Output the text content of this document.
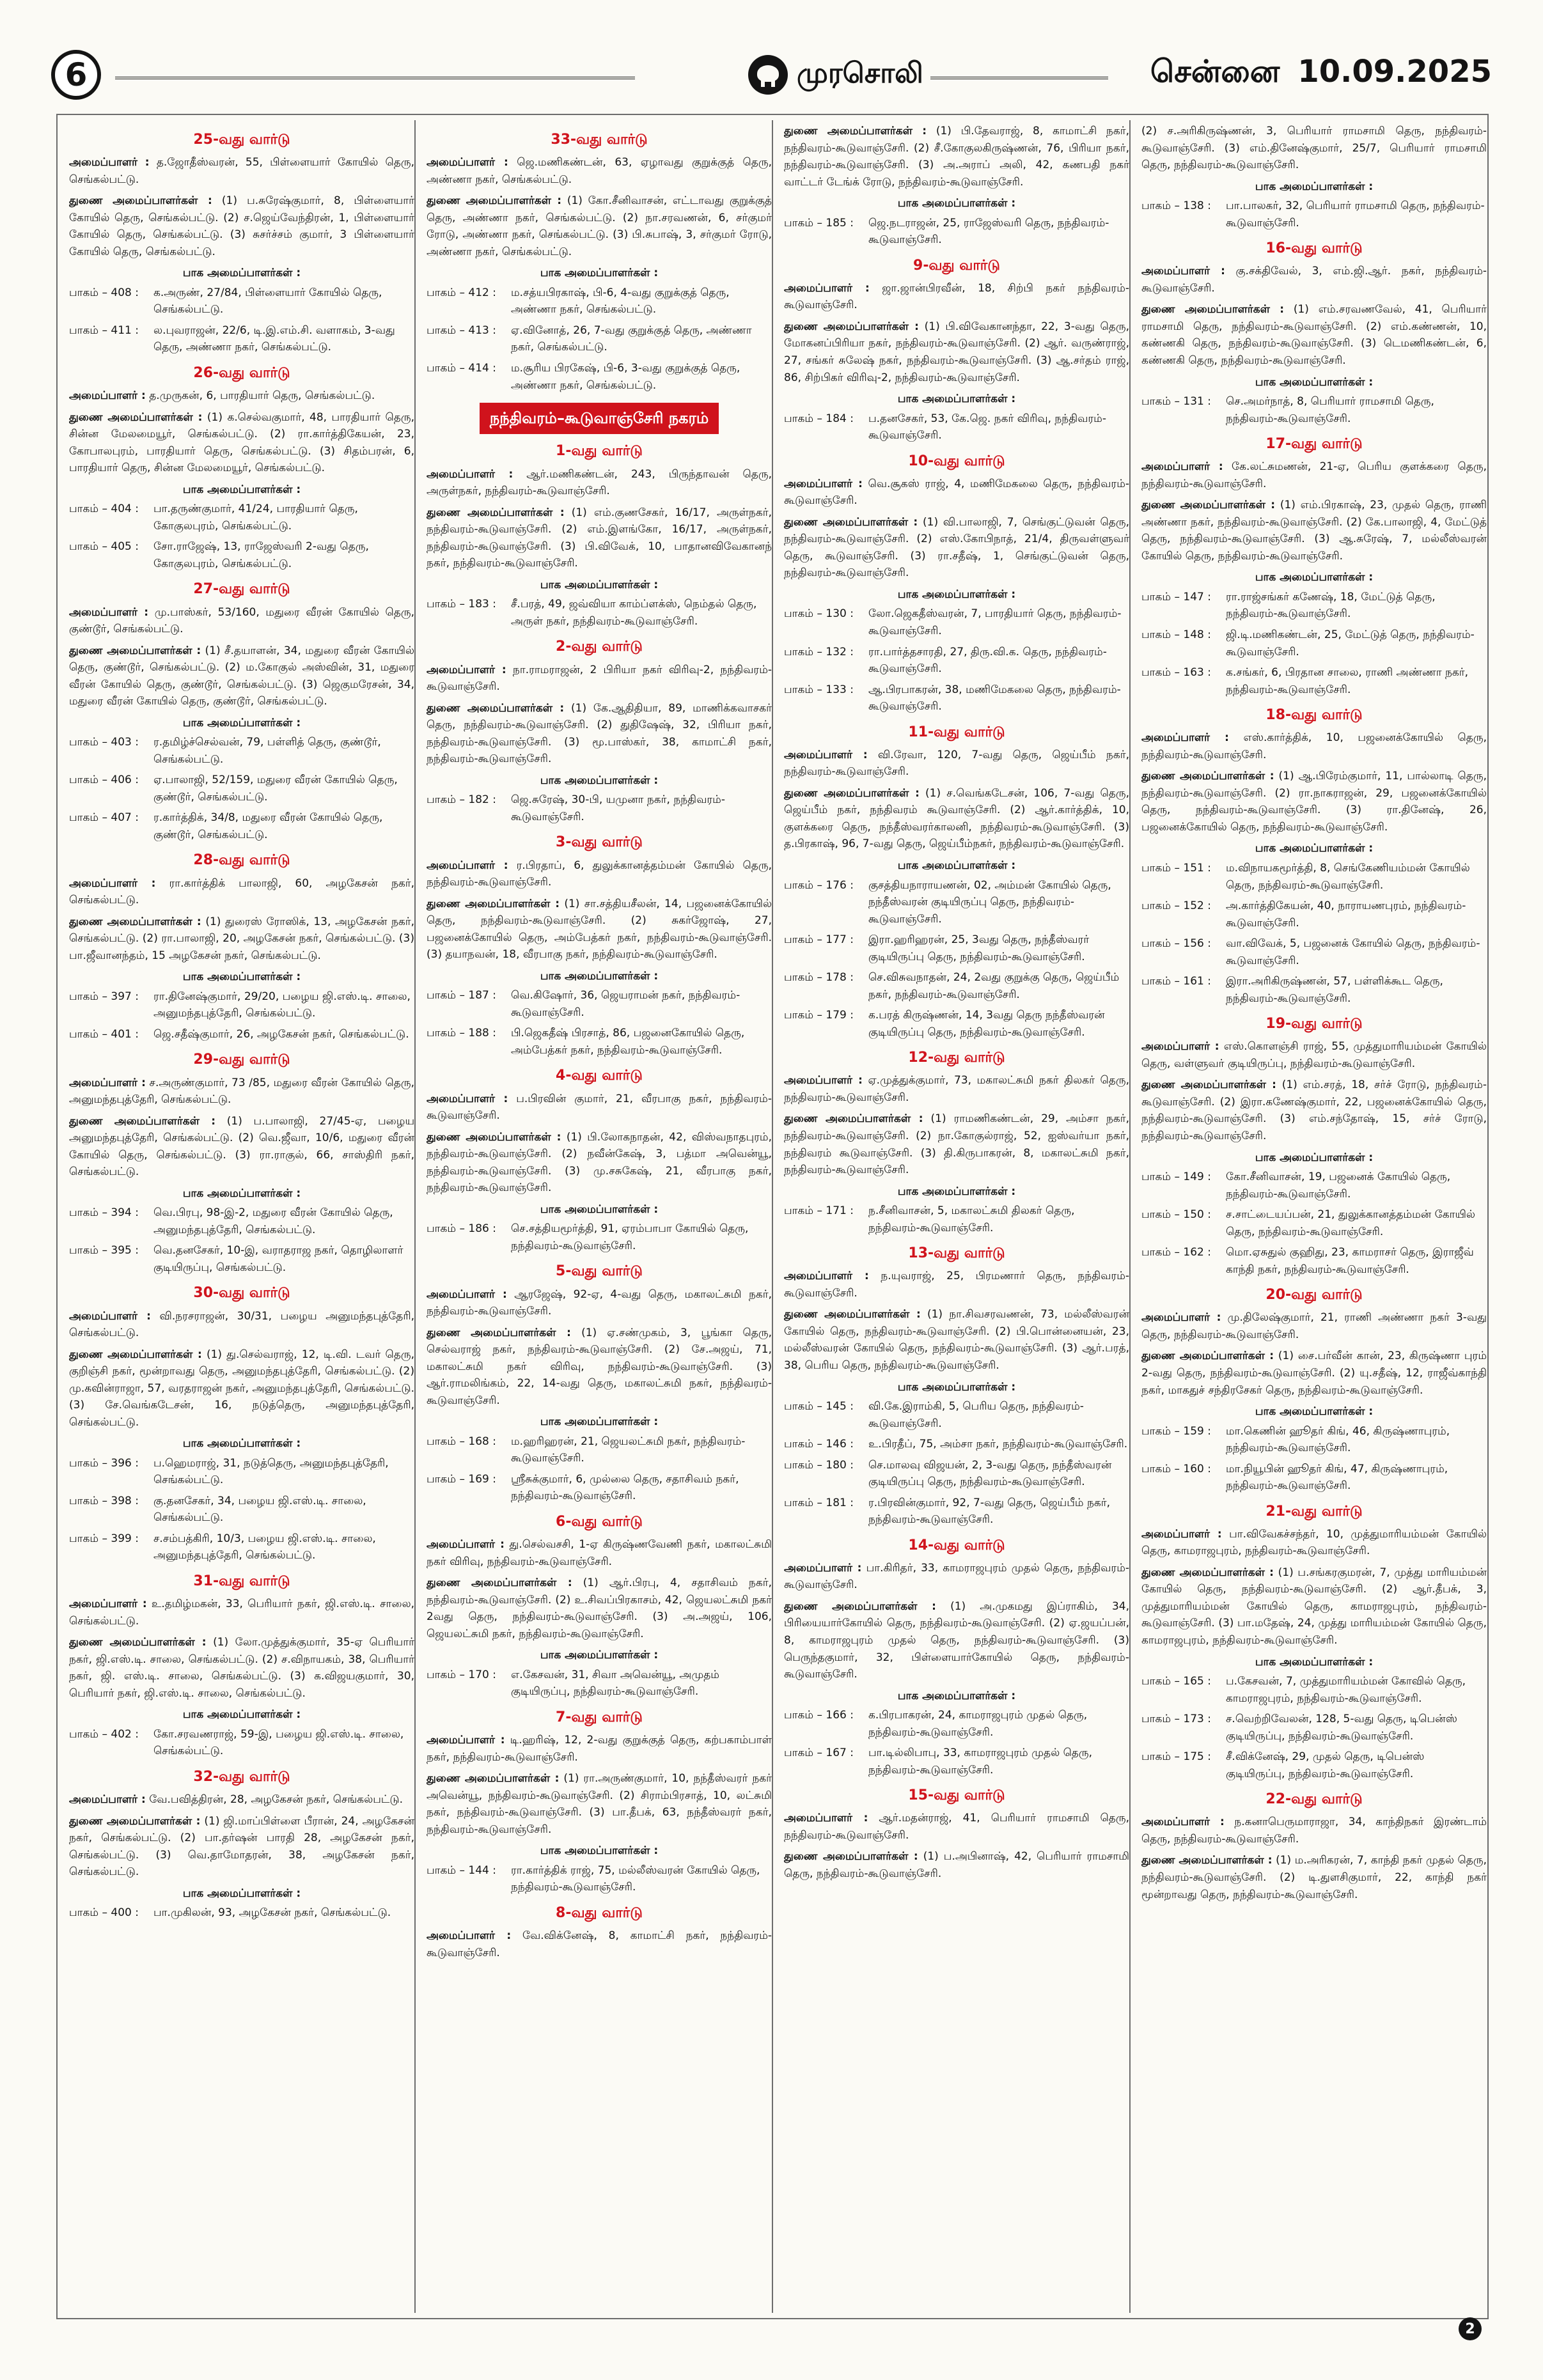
6	முரசொலி	சென்னை 10.09.2025
25-வது வார்டு

அமைப்பாளர் : த.ஜோதீஸ்வரன், 55, பிள்ளையார் கோயில் தெரு, செங்கல்பட்டு.

துணை அமைப்பாளர்கள் : (1) ப.சுரேஷ்குமார், 8, பிள்ளையார் கோயில் தெரு, செங்கல்பட்டு. (2) ச.ஜெய்வேந்திரன், 1, பிள்ளையார் கோயில் தெரு, செங்கல்பட்டு. (3) சுசர்ச்சம் குமார், 3 பிள்ளையார் கோயில் தெரு, செங்கல்பட்டு.

பாக அமைப்பாளர்கள் :
பாகம் – 408 :	க.அருண், 27/84, பிள்ளையார் கோயில் தெரு, செங்கல்பட்டு.
பாகம் – 411 :	ல.புவராஜன், 22/6, டி.இ.எம்.சி. வளாகம், 3-வது தெரு, அண்ணா நகர், செங்கல்பட்டு.
26-வது வார்டு

அமைப்பாளர் : த.முருகன், 6, பாரதியார் தெரு, செங்கல்பட்டு.

துணை அமைப்பாளர்கள் : (1) க.செல்வகுமார், 48, பாரதியார் தெரு, சின்ன மேலமையூர், செங்கல்பட்டு. (2) ரா.கார்த்திகேயன், 23, கோபாலபுரம், பாரதியார் தெரு, செங்கல்பட்டு. (3) சிதம்பரன், 6, பாரதியார் தெரு, சின்ன மேலமையூர், செங்கல்பட்டு.

பாக அமைப்பாளர்கள் :
பாகம் – 404 :	பா.தருண்குமார், 41/24, பாரதியார் தெரு, கோகுலபுரம், செங்கல்பட்டு.
பாகம் – 405 :	சோ.ராஜேஷ், 13, ராஜேஸ்வரி 2-வது தெரு, கோகுலபுரம், செங்கல்பட்டு.
27-வது வார்டு

அமைப்பாளர் : மு.பாஸ்கர், 53/160, மதுரை வீரன் கோயில் தெரு, குண்டூர், செங்கல்பட்டு.

துணை அமைப்பாளர்கள் : (1) சீ.தயாளன், 34, மதுரை வீரன் கோயில் தெரு, குண்டூர், செங்கல்பட்டு. (2) ம.கோகுல் அஸ்வின், 31, மதுரை வீரன் கோயில் தெரு, குண்டூர், செங்கல்பட்டு. (3) ஜெகுமரேசன், 34, மதுரை வீரன் கோயில் தெரு, குண்டூர், செங்கல்பட்டு.

பாக அமைப்பாளர்கள் :
பாகம் – 403 :	ர.தமிழ்ச்செல்வன், 79, பள்ளித் தெரு, குண்டூர், செங்கல்பட்டு.
பாகம் – 406 :	ஏ.பாலாஜி, 52/159, மதுரை வீரன் கோயில் தெரு, குண்டூர், செங்கல்பட்டு.
பாகம் – 407 :	ர.கார்த்திக், 34/8, மதுரை வீரன் கோயில் தெரு, குண்டூர், செங்கல்பட்டு.
28-வது வார்டு

அமைப்பாளர் : ரா.கார்த்திக் பாலாஜி, 60, அழகேசன் நகர், செங்கல்பட்டு.

துணை அமைப்பாளர்கள் : (1) துரைஸ் ரோஸிக், 13, அழகேசன் நகர், செங்கல்பட்டு. (2) ரா.பாலாஜி, 20, அழகேசன் நகர், செங்கல்பட்டு. (3) பா.ஜீவானந்தம், 15 அழகேசன் நகர், செங்கல்பட்டு.

பாக அமைப்பாளர்கள் :
பாகம் – 397 :	ரா.தினேஷ்குமார், 29/20, பழைய ஜி.எஸ்.டி. சாலை, அனுமந்தபுத்தேரி, செங்கல்பட்டு.
பாகம் – 401 :	ஜெ.சதீஷ்குமார், 26, அழகேசன் நகர், செங்கல்பட்டு.
29-வது வார்டு

அமைப்பாளர் : ச.அருண்குமார், 73 /85, மதுரை வீரன் கோயில் தெரு, அனுமந்தபுத்தேரி, செங்கல்பட்டு.

துணை அமைப்பாளர்கள் : (1) ப.பாலாஜி, 27/45-ஏ, பழைய அனுமந்தபுத்தேரி, செங்கல்பட்டு. (2) வெ.ஜீவா, 10/6, மதுரை வீரன் கோயில் தெரு, செங்கல்பட்டு. (3) ரா.ராகுல், 66, சாஸ்திரி நகர், செங்கல்பட்டு.

பாக அமைப்பாளர்கள் :
பாகம் – 394 :	வெ.பிரபு, 98-இ-2, மதுரை வீரன் கோயில் தெரு, அனுமந்தபுத்தேரி, செங்கல்பட்டு.
பாகம் – 395 :	வெ.தனசேகர், 10-இ, வராதராஜ நகர், தொழிலாளர் குடியிருப்பு, செங்கல்பட்டு.
30-வது வார்டு

அமைப்பாளர் : வி.நரசராஜன், 30/31, பழைய அனுமந்தபுத்தேரி, செங்கல்பட்டு.

துணை அமைப்பாளர்கள் : (1) து.செல்வராஜ், 12, டி.வி. டவர் தெரு, குறிஞ்சி நகர், மூன்றாவது தெரு, அனுமந்தபுத்தேரி, செங்கல்பட்டு. (2) மு.கவின்ராஜா, 57, வரதராஜன் நகர், அனுமந்தபுத்தேரி, செங்கல்பட்டு. (3) சே.வெங்கடேசன், 16, நடுத்தெரு, அனுமந்தபுத்தேரி, செங்கல்பட்டு.

பாக அமைப்பாளர்கள் :
பாகம் – 396 :	ப.ஹெமராஜ், 31, நடுத்தெரு, அனுமந்தபுத்தேரி, செங்கல்பட்டு.
பாகம் – 398 :	கு.தனசேகர், 34, பழைய ஜி.எஸ்.டி. சாலை, செங்கல்பட்டு.
பாகம் – 399 :	ச.சம்பத்கிரி, 10/3, பழைய ஜி.எஸ்.டி. சாலை, அனுமந்தபுத்தேரி, செங்கல்பட்டு.
31-வது வார்டு

அமைப்பாளர் : உ.தமிழ்மகன், 33, பெரியார் நகர், ஜி.எஸ்.டி. சாலை, செங்கல்பட்டு.

துணை அமைப்பாளர்கள் : (1) லோ.முத்துக்குமார், 35-ஏ பெரியார் நகர், ஜி.எஸ்.டி. சாலை, செங்கல்பட்டு. (2) ச.விநாயகம், 38, பெரியார் நகர், ஜி. எஸ்.டி. சாலை, செங்கல்பட்டு. (3) க.விஜயகுமார், 30, பெரியார் நகர், ஜி.எஸ்.டி. சாலை, செங்கல்பட்டு.

பாக அமைப்பாளர்கள் :
பாகம் – 402 :	கோ.சரவணராஜ், 59-இ, பழைய ஜி.எஸ்.டி. சாலை, செங்கல்பட்டு.
32-வது வார்டு

அமைப்பாளர் : வே.பவித்திரன், 28, அழகேசன் நகர், செங்கல்பட்டு.

துணை அமைப்பாளர்கள் : (1) ஜி.மாப்பிள்ளை பீரான், 24, அழகேசன் நகர், செங்கல்பட்டு. (2) பா.தர்ஷன் பாரதி 28, அழகேசன் நகர், செங்கல்பட்டு. (3) வெ.தாமோதரன், 38, அழகேசன் நகர், செங்கல்பட்டு.

பாக அமைப்பாளர்கள் :
பாகம் – 400 :	பா.முகிலன், 93, அழகேசன் நகர், செங்கல்பட்டு.
33-வது வார்டு

அமைப்பாளர் : ஜெ.மணிகண்டன், 63, ஏழாவது குறுக்குத் தெரு, அண்ணா நகர், செங்கல்பட்டு.

துணை அமைப்பாளர்கள் : (1) கோ.சீனிவாசன், எட்டாவது குறுக்குத் தெரு, அண்ணா நகர், செங்கல்பட்டு. (2) நா.சரவணன், 6, சர்குமர் ரோடு, அண்ணா நகர், செங்கல்பட்டு. (3) பி.சுபாஷ், 3, சர்குமர் ரோடு, அண்ணா நகர், செங்கல்பட்டு.

பாக அமைப்பாளர்கள் :
பாகம் – 412 :	ம.சத்யபிரகாஷ், பி-6, 4-வது குறுக்குத் தெரு, அண்ணா நகர், செங்கல்பட்டு.
பாகம் – 413 :	ஏ.வினோத், 26, 7-வது குறுக்குத் தெரு, அண்ணா நகர், செங்கல்பட்டு.
பாகம் – 414 :	ம.சூரிய பிரகேஷ், பி-6, 3-வது குறுக்குத் தெரு, அண்ணா நகர், செங்கல்பட்டு.
நந்திவரம்–கூடுவாஞ்சேரி நகரம்
1-வது வார்டு

அமைப்பாளர் : ஆர்.மணிகண்டன், 243, பிருந்தாவன் தெரு, அருள்நகர், நந்திவரம்-கூடுவாஞ்சேரி.

துணை அமைப்பாளர்கள் : (1) எம்.குணசேகர், 16/17, அருள்நகர், நந்திவரம்-கூடுவாஞ்சேரி. (2) எம்.இளங்கோ, 16/17, அருள்நகர், நந்திவரம்-கூடுவாஞ்சேரி. (3) பி.விவேக், 10, பாதானவிவேகானந் நகர், நந்திவரம்-கூடுவாஞ்சேரி.

பாக அமைப்பாளர்கள் :
பாகம் – 183 :	சீ.பரத், 49, ஜவ்வியா காம்ப்ளக்ஸ், நெம்தல் தெரு, அருள் நகர், நந்திவரம்-கூடுவாஞ்சேரி.
2-வது வார்டு

அமைப்பாளர் : நா.ராமராஜன், 2 பிரியா நகர் விரிவு-2, நந்திவரம்-கூடுவாஞ்சேரி.

துணை அமைப்பாளர்கள் : (1) கே.ஆதிதியா, 89, மாணிக்கவாசகர் தெரு, நந்திவரம்-கூடுவாஞ்சேரி. (2) துதிஷேஷ், 32, பிரியா நகர், நந்திவரம்-கூடுவாஞ்சேரி. (3) மூ.பாஸ்கர், 38, காமாட்சி நகர், நந்திவரம்-கூடுவாஞ்சேரி.

பாக அமைப்பாளர்கள் :
பாகம் – 182 :	ஜெ.சுரேஷ், 30-பி, யமுனா நகர், நந்திவரம்-கூடுவாஞ்சேரி.
3-வது வார்டு

அமைப்பாளர் : ர.பிரதாப், 6, துலுக்கானத்தம்மன் கோயில் தெரு, நந்திவரம்-கூடுவாஞ்சேரி.

துணை அமைப்பாளர்கள் : (1) சா.சத்தியசீலன், 14, பஜனைக்கோயில் தெரு, நந்திவரம்-கூடுவாஞ்சேரி. (2) சுகர்ஜோஷ், 27, பஜனைக்கோயில் தெரு, அம்பேத்கர் நகர், நந்திவரம்-கூடுவாஞ்சேரி. (3) தயாநவன், 18, வீரபாகு நகர், நந்திவரம்-கூடுவாஞ்சேரி.

பாக அமைப்பாளர்கள் :
பாகம் – 187 :	வெ.கிஷோர், 36, ஜெயராமன் நகர், நந்திவரம்-கூடுவாஞ்சேரி.
பாகம் – 188 :	பி.ஜெகதீஷ் பிரசாத், 86, பஜனைகோயில் தெரு, அம்பேத்கர் நகர், நந்திவரம்-கூடுவாஞ்சேரி.
4-வது வார்டு

அமைப்பாளர் : ப.பிரவின் குமார், 21, வீரபாகு நகர், நந்திவரம்-கூடுவாஞ்சேரி.

துணை அமைப்பாளர்கள் : (1) பி.லோகநாதன், 42, விஸ்வநாதபுரம், நந்திவரம்-கூடுவாஞ்சேரி. (2) நவீன்கேஷ், 3, பத்மா அவென்யூ, நந்திவரம்-கூடுவாஞ்சேரி. (3) மு.சசுகேஷ், 21, வீரபாகு நகர், நந்திவரம்-கூடுவாஞ்சேரி.

பாக அமைப்பாளர்கள் :
பாகம் – 186 :	செ.சத்தியமூர்த்தி, 91, ஏரம்பாபா கோயில் தெரு, நந்திவரம்-கூடுவாஞ்சேரி.
5-வது வார்டு

அமைப்பாளர் : ஆரஜேஷ், 92-ஏ, 4-வது தெரு, மகாலட்சுமி நகர், நந்திவரம்-கூடுவாஞ்சேரி.

துணை அமைப்பாளர்கள் : (1) ஏ.சண்முகம், 3, பூங்கா தெரு, செல்வராஜ் நகர், நந்திவரம்-கூடுவாஞ்சேரி. (2) சே.அஜய், 71, மகாலட்சுமி நகர் விரிவு, நந்திவரம்-கூடுவாஞ்சேரி. (3) ஆர்.ராமலிங்கம், 22, 14-வது தெரு, மகாலட்சுமி நகர், நந்திவரம்-கூடுவாஞ்சேரி.

பாக அமைப்பாளர்கள் :
பாகம் – 168 :	ம.ஹரிஹரன், 21, ஜெயலட்சுமி நகர், நந்திவரம்-கூடுவாஞ்சேரி.
பாகம் – 169 :	ஸ்ரீசுக்குமார், 6, முல்லை தெரு, சதாசிவம் நகர், நந்திவரம்-கூடுவாஞ்சேரி.
6-வது வார்டு

அமைப்பாளர் : து.செல்வசசி, 1-ஏ கிருஷ்ணவேணி நகர், மகாலட்சுமி நகர் விரிவு, நந்திவரம்-கூடுவாஞ்சேரி.

துணை அமைப்பாளர்கள் : (1) ஆர்.பிரபு, 4, சதாசிவம் நகர், நந்திவரம்-கூடுவாஞ்சேரி. (2) உ.சிவப்பிரகாசம், 42, ஜெயலட்சுமி நகர் 2வது தெரு, நந்திவரம்-கூடுவாஞ்சேரி. (3) அ.அஜய், 106, ஜெயலட்சுமி நகர், நந்திவரம்-கூடுவாஞ்சேரி.

பாக அமைப்பாளர்கள் :
பாகம் – 170 :	எ.கேசவன், 31, சிவா அவென்யூ, அமுதம் குடியிருப்பு, நந்திவரம்-கூடுவாஞ்சேரி.
7-வது வார்டு

அமைப்பாளர் : டி.ஹரிஷ், 12, 2-வது குறுக்குத் தெரு, கற்பகாம்பாள் நகர், நந்திவரம்-கூடுவாஞ்சேரி.

துணை அமைப்பாளர்கள் : (1) ரா.அருண்குமார், 10, நந்தீஸ்வரர் நகர் அவென்யூ, நந்திவரம்-கூடுவாஞ்சேரி. (2) சிராம்பிரசாத், 10, லட்சுமி நகர், நந்திவரம்-கூடுவாஞ்சேரி. (3) பா.தீபக், 63, நந்தீஸ்வரர் நகர், நந்திவரம்-கூடுவாஞ்சேரி.

பாக அமைப்பாளர்கள் :
பாகம் – 144 :	ரா.கார்த்திக் ராஜ், 75, மல்லீஸ்வரன் கோயில் தெரு, நந்திவரம்-கூடுவாஞ்சேரி.
8-வது வார்டு

அமைப்பாளர் : வே.விக்னேஷ், 8, காமாட்சி நகர், நந்திவரம்-கூடுவாஞ்சேரி.

துணை அமைப்பாளர்கள் : (1) பி.தேவராஜ், 8, காமாட்சி நகர், நந்திவரம்-கூடுவாஞ்சேரி. (2) சீ.கோகுலகிருஷ்ணன், 76, பிரியா நகர், நந்திவரம்-கூடுவாஞ்சேரி. (3) அ.அராப் அலி, 42, கணபதி நகர் வாட்டர் டேங்க் ரோடு, நந்திவரம்-கூடுவாஞ்சேரி.

பாக அமைப்பாளர்கள் :
பாகம் – 185 :	ஜெ.நடராஜன், 25, ராஜேஸ்வரி தெரு, நந்திவரம்-கூடுவாஞ்சேரி.
9-வது வார்டு

அமைப்பாளர் : ஜா.ஜான்பிரவீன், 18, சிற்பி நகர் நந்திவரம்-கூடுவாஞ்சேரி.

துணை அமைப்பாளர்கள் : (1) பி.விவேகானந்தா, 22, 3-வது தெரு, மோகனப்பிரியா நகர், நந்திவரம்-கூடுவாஞ்சேரி. (2) ஆர். வருண்ராஜ், 27, சங்கர் சுலேஷ் நகர், நந்திவரம்-கூடுவாஞ்சேரி. (3) ஆ.சர்தம் ராஜ், 86, சிற்பிகர் விரிவு-2, நந்திவரம்-கூடுவாஞ்சேரி.

பாக அமைப்பாளர்கள் :
பாகம் – 184 :	ப.தனசேகர், 53, கே.ஜெ. நகர் விரிவு, நந்திவரம்-கூடுவாஞ்சேரி.
10-வது வார்டு

அமைப்பாளர் : வெ.சூகஸ் ராஜ், 4, மணிமேகலை தெரு, நந்திவரம்-கூடுவாஞ்சேரி.

துணை அமைப்பாளர்கள் : (1) வி.பாலாஜி, 7, செங்குட்டுவன் தெரு, நந்திவரம்-கூடுவாஞ்சேரி. (2) எஸ்.கோபிநாத், 21/4, திருவள்ளுவர் தெரு, கூடுவாஞ்சேரி. (3) ரா.சதீஷ், 1, செங்குட்டுவன் தெரு, நந்திவரம்-கூடுவாஞ்சேரி.

பாக அமைப்பாளர்கள் :
பாகம் – 130 :	லோ.ஜெகதீஸ்வரன், 7, பாரதியார் தெரு, நந்திவரம்-கூடுவாஞ்சேரி.
பாகம் – 132 :	ரா.பார்த்தசாரதி, 27, திரு.வி.க. தெரு, நந்திவரம்-கூடுவாஞ்சேரி.
பாகம் – 133 :	ஆ.பிரபாகரன், 38, மணிமேகலை தெரு, நந்திவரம்-கூடுவாஞ்சேரி.
11-வது வார்டு

அமைப்பாளர் : வி.ரேவா, 120, 7-வது தெரு, ஜெய்பீம் நகர், நந்திவரம்-கூடுவாஞ்சேரி.

துணை அமைப்பாளர்கள் : (1) ச.வெங்கடேசன், 106, 7-வது தெரு, ஜெய்பீம் நகர், நந்திவரம் கூடுவாஞ்சேரி. (2) ஆர்.கார்த்திக், 10, குளக்கரை தெரு, நந்தீஸ்வரர்காலனி, நந்திவரம்-கூடுவாஞ்சேரி. (3) த.பிரகாஷ், 96, 7-வது தெரு, ஜெய்பீம்நகர், நந்திவரம்-கூடுவாஞ்சேரி.

பாக அமைப்பாளர்கள் :
பாகம் – 176 :	குசத்தியநாராயணன், 02, அம்மன் கோயில் தெரு, நந்தீஸ்வரன் குடியிருப்பு தெரு, நந்திவரம்-கூடுவாஞ்சேரி.
பாகம் – 177 :	இரா.ஹரிஹரன், 25, 3வது தெரு, நந்தீஸ்வரர் குடியிருப்பு தெரு, நந்திவரம்-கூடுவாஞ்சேரி.
பாகம் – 178 :	செ.விசுவநாதன், 24, 2வது குறுக்கு தெரு, ஜெய்பீம் நகர், நந்திவரம்-கூடுவாஞ்சேரி.
பாகம் – 179 :	க.பரத் கிருஷ்ணன், 14, 3வது தெரு நந்தீஸ்வரன் குடியிருப்பு தெரு, நந்திவரம்-கூடுவாஞ்சேரி.
12-வது வார்டு

அமைப்பாளர் : ஏ.முத்துக்குமார், 73, மகாலட்சுமி நகர் திலகர் தெரு, நந்திவரம்-கூடுவாஞ்சேரி.

துணை அமைப்பாளர்கள் : (1) ராமணிகண்டன், 29, அம்சா நகர், நந்திவரம்-கூடுவாஞ்சேரி. (2) நா.கோகுல்ராஜ், 52, ஐஸ்வர்யா நகர், நந்திவரம் கூடுவாஞ்சேரி. (3) தி.கிருபாகரன், 8, மகாலட்சுமி நகர், நந்திவரம்-கூடுவாஞ்சேரி.

பாக அமைப்பாளர்கள் :
பாகம் – 171 :	ந.சீனிவாசன், 5, மகாலட்சுமி திலகர் தெரு, நந்திவரம்-கூடுவாஞ்சேரி.
13-வது வார்டு

அமைப்பாளர் : ந.யுவராஜ், 25, பிரமணார் தெரு, நந்திவரம்-கூடுவாஞ்சேரி.

துணை அமைப்பாளர்கள் : (1) நா.சிவசரவணன், 73, மல்லீஸ்வரன் கோயில் தெரு, நந்திவரம்-கூடுவாஞ்சேரி. (2) பி.பொன்னையன், 23, மல்லீஸ்வரன் கோயில் தெரு, நந்திவரம்-கூடுவாஞ்சேரி. (3) ஆர்.பரத், 38, பெரிய தெரு, நந்திவரம்-கூடுவாஞ்சேரி.

பாக அமைப்பாளர்கள் :
பாகம் – 145 :	வி.கே.இராம்கி, 5, பெரிய தெரு, நந்திவரம்-கூடுவாஞ்சேரி.
பாகம் – 146 :	உ.பிரதீப், 75, அம்சா நகர், நந்திவரம்-கூடுவாஞ்சேரி.
பாகம் – 180 :	செ.மாலவு விஜயன், 2, 3-வது தெரு, நந்தீஸ்வரன் குடியிருப்பு தெரு, நந்திவரம்-கூடுவாஞ்சேரி.
பாகம் – 181 :	ர.பிரவின்குமார், 92, 7-வது தெரு, ஜெய்பீம் நகர், நந்திவரம்-கூடுவாஞ்சேரி.
14-வது வார்டு

அமைப்பாளர் : பா.கிரிதர், 33, காமராஜபுரம் முதல் தெரு, நந்திவரம்-கூடுவாஞ்சேரி.

துணை அமைப்பாளர்கள் : (1) அ.முகமது இப்ராகிம், 34, பிரியையார்கோயில் தெரு, நந்திவரம்-கூடுவாஞ்சேரி. (2) ஏ.ஜயப்பன், 8, காமராஜபுரம் முதல் தெரு, நந்திவரம்-கூடுவாஞ்சேரி. (3) பெருந்தகுமார், 32, பிள்ளையார்கோயில் தெரு, நந்திவரம்-கூடுவாஞ்சேரி.

பாக அமைப்பாளர்கள் :
பாகம் – 166 :	க.பிரபாகரன், 24, காமராஜபுரம் முதல் தெரு, நந்திவரம்-கூடுவாஞ்சேரி.
பாகம் – 167 :	பா.டில்லிபாபு, 33, காமராஜபுரம் முதல் தெரு, நந்திவரம்-கூடுவாஞ்சேரி.
15-வது வார்டு

அமைப்பாளர் : ஆர்.மதன்ராஜ், 41, பெரியார் ராமசாமி தெரு, நந்திவரம்-கூடுவாஞ்சேரி.

துணை அமைப்பாளர்கள் : (1) ப.அபினாஷ், 42, பெரியார் ராமசாமி தெரு, நந்திவரம்-கூடுவாஞ்சேரி.

(2) ச.அரிகிருஷ்ணன், 3, பெரியார் ராமசாமி தெரு, நந்திவரம்-கூடுவாஞ்சேரி. (3) எம்.தினேஷ்குமார், 25/7, பெரியார் ராமசாமி தெரு, நந்திவரம்-கூடுவாஞ்சேரி.

பாக அமைப்பாளர்கள் :
பாகம் – 138 :	பா.பாலகர், 32, பெரியார் ராமசாமி தெரு, நந்திவரம்-கூடுவாஞ்சேரி.
16-வது வார்டு

அமைப்பாளர் : கு.சக்திவேல், 3, எம்.ஜி.ஆர். நகர், நந்திவரம்-கூடுவாஞ்சேரி.

துணை அமைப்பாளர்கள் : (1) எம்.சரவணவேல், 41, பெரியார் ராமசாமி தெரு, நந்திவரம்-கூடுவாஞ்சேரி. (2) எம்.கண்ணன், 10, கண்ணகி தெரு, நந்திவரம்-கூடுவாஞ்சேரி. (3) டெமணிகண்டன், 6, கண்ணகி தெரு, நந்திவரம்-கூடுவாஞ்சேரி.

பாக அமைப்பாளர்கள் :
பாகம் – 131 :	செ.அமர்நாத், 8, பெரியார் ராமசாமி தெரு, நந்திவரம்-கூடுவாஞ்சேரி.
17-வது வார்டு

அமைப்பாளர் : கே.லட்சுமணன், 21-ஏ, பெரிய குளக்கரை தெரு, நந்திவரம்-கூடுவாஞ்சேரி.

துணை அமைப்பாளர்கள் : (1) எம்.பிரகாஷ், 23, முதல் தெரு, ராணி அண்ணா நகர், நந்திவரம்-கூடுவாஞ்சேரி. (2) கே.பாலாஜி, 4, மேட்டுத் தெரு, நந்திவரம்-கூடுவாஞ்சேரி. (3) ஆ.சுரேஷ், 7, மல்லீஸ்வரன் கோயில் தெரு, நந்திவரம்-கூடுவாஞ்சேரி.

பாக அமைப்பாளர்கள் :
பாகம் – 147 :	ரா.ராஜ்சங்கர் கணேஷ், 18, மேட்டுத் தெரு, நந்திவரம்-கூடுவாஞ்சேரி.
பாகம் – 148 :	ஜி.டி.மணிகண்டன், 25, மேட்டுத் தெரு, நந்திவரம்-கூடுவாஞ்சேரி.
பாகம் – 163 :	க.சங்கர், 6, பிரதான சாலை, ராணி அண்ணா நகர், நந்திவரம்-கூடுவாஞ்சேரி.
18-வது வார்டு

அமைப்பாளர் : எஸ்.கார்த்திக், 10, பஜனைக்கோயில் தெரு, நந்திவரம்-கூடுவாஞ்சேரி.

துணை அமைப்பாளர்கள் : (1) ஆ.பிரேம்குமார், 11, பால்லாடி தெரு, நந்திவரம்-கூடுவாஞ்சேரி. (2) ரா.நாகராஜன், 29, பஜனைக்கோயில் தெரு, நந்திவரம்-கூடுவாஞ்சேரி. (3) ரா.தினேஷ், 26, பஜனைக்கோயில் தெரு, நந்திவரம்-கூடுவாஞ்சேரி.

பாக அமைப்பாளர்கள் :
பாகம் – 151 :	ம.விநாயகமூர்த்தி, 8, செங்கேணியம்மன் கோயில் தெரு, நந்திவரம்-கூடுவாஞ்சேரி.
பாகம் – 152 :	அ.கார்த்திகேயன், 40, நாராயணபுரம், நந்திவரம்-கூடுவாஞ்சேரி.
பாகம் – 156 :	வா.விவேக், 5, பஜனைக் கோயில் தெரு, நந்திவரம்-கூடுவாஞ்சேரி.
பாகம் – 161 :	இரா.அரிகிருஷ்ணன், 57, பள்ளிக்கூட தெரு, நந்திவரம்-கூடுவாஞ்சேரி.
19-வது வார்டு

அமைப்பாளர் : எஸ்.கொளஞ்சி ராஜ், 55, முத்துமாரியம்மன் கோயில் தெரு, வள்ளுவர் குடியிருப்பு, நந்திவரம்-கூடுவாஞ்சேரி.

துணை அமைப்பாளர்கள் : (1) எம்.சரத், 18, சர்ச் ரோடு, நந்திவரம்-கூடுவாஞ்சேரி. (2) இரா.கணேஷ்குமார், 22, பஜனைக்கோயில் தெரு, நந்திவரம்-கூடுவாஞ்சேரி. (3) எம்.சந்தோஷ், 15, சர்ச் ரோடு, நந்திவரம்-கூடுவாஞ்சேரி.

பாக அமைப்பாளர்கள் :
பாகம் – 149 :	கோ.சீனிவாசன், 19, பஜனைக் கோயில் தெரு, நந்திவரம்-கூடுவாஞ்சேரி.
பாகம் – 150 :	ச.சாட்டையப்பன், 21, துலுக்கானத்தம்மன் கோயில் தெரு, நந்திவரம்-கூடுவாஞ்சேரி.
பாகம் – 162 :	மொ.ஏசுதுல் குஹிது, 23, காமராசர் தெரு, இராஜீவ் காந்தி நகர், நந்திவரம்-கூடுவாஞ்சேரி.
20-வது வார்டு

அமைப்பாளர் : மு.திலேஷ்குமார், 21, ராணி அண்ணா நகர் 3-வது தெரு, நந்திவரம்-கூடுவாஞ்சேரி.

துணை அமைப்பாளர்கள் : (1) சை.பர்வீன் கான், 23, கிருஷ்ணா புரம் 2-வது தெரு, நந்திவரம்-கூடுவாஞ்சேரி. (2) யு.சதீஷ், 12, ராஜீவ்காந்தி நகர், மாகதுச் சந்திரசேகர் தெரு, நந்திவரம்-கூடுவாஞ்சேரி.

பாக அமைப்பாளர்கள் :
பாகம் – 159 :	மா.கெணின் ஹூதர் கிங், 46, கிருஷ்ணாபுரம், நந்திவரம்-கூடுவாஞ்சேரி.
பாகம் – 160 :	மா.நியூபின் ஹூதர் கிங், 47, கிருஷ்ணாபுரம், நந்திவரம்-கூடுவாஞ்சேரி.
21-வது வார்டு

அமைப்பாளர் : பா.விவேகச்சந்தர், 10, முத்துமாரியம்மன் கோயில் தெரு, காமராஜபுரம், நந்திவரம்-கூடுவாஞ்சேரி.

துணை அமைப்பாளர்கள் : (1) ப.சங்கரகுமரன், 7, முத்து மாரியம்மன் கோயில் தெரு, நந்திவரம்-கூடுவாஞ்சேரி. (2) ஆர்.தீபக், 3, முத்துமாரியம்மன் கோயில் தெரு, காமராஜபுரம், நந்திவரம்-கூடுவாஞ்சேரி. (3) பா.மதேஷ், 24, முத்து மாரியம்மன் கோயில் தெரு, காமராஜபுரம், நந்திவரம்-கூடுவாஞ்சேரி.

பாக அமைப்பாளர்கள் :
பாகம் – 165 :	ப.கேசவன், 7, முத்துமாரியம்மன் கோவில் தெரு, காமராஜபுரம், நந்திவரம்-கூடுவாஞ்சேரி.
பாகம் – 173 :	ச.வெற்றிவேலன், 128, 5-வது தெரு, டிபென்ஸ் குடியிருப்பு, நந்திவரம்-கூடுவாஞ்சேரி.
பாகம் – 175 :	சீ.விக்னேஷ், 29, முதல் தெரு, டிபென்ஸ் குடியிருப்பு, நந்திவரம்-கூடுவாஞ்சேரி.
22-வது வார்டு

அமைப்பாளர் : ந.கனாபெருமாராஜா, 34, காந்திநகர் இரண்டாம் தெரு, நந்திவரம்-கூடுவாஞ்சேரி.

துணை அமைப்பாளர்கள் : (1) ம.அரிகரன், 7, காந்தி நகர் முதல் தெரு, நந்திவரம்-கூடுவாஞ்சேரி. (2) டி.துளசிகுமார், 22, காந்தி நகர் மூன்றாவது தெரு, நந்திவரம்-கூடுவாஞ்சேரி.

2
